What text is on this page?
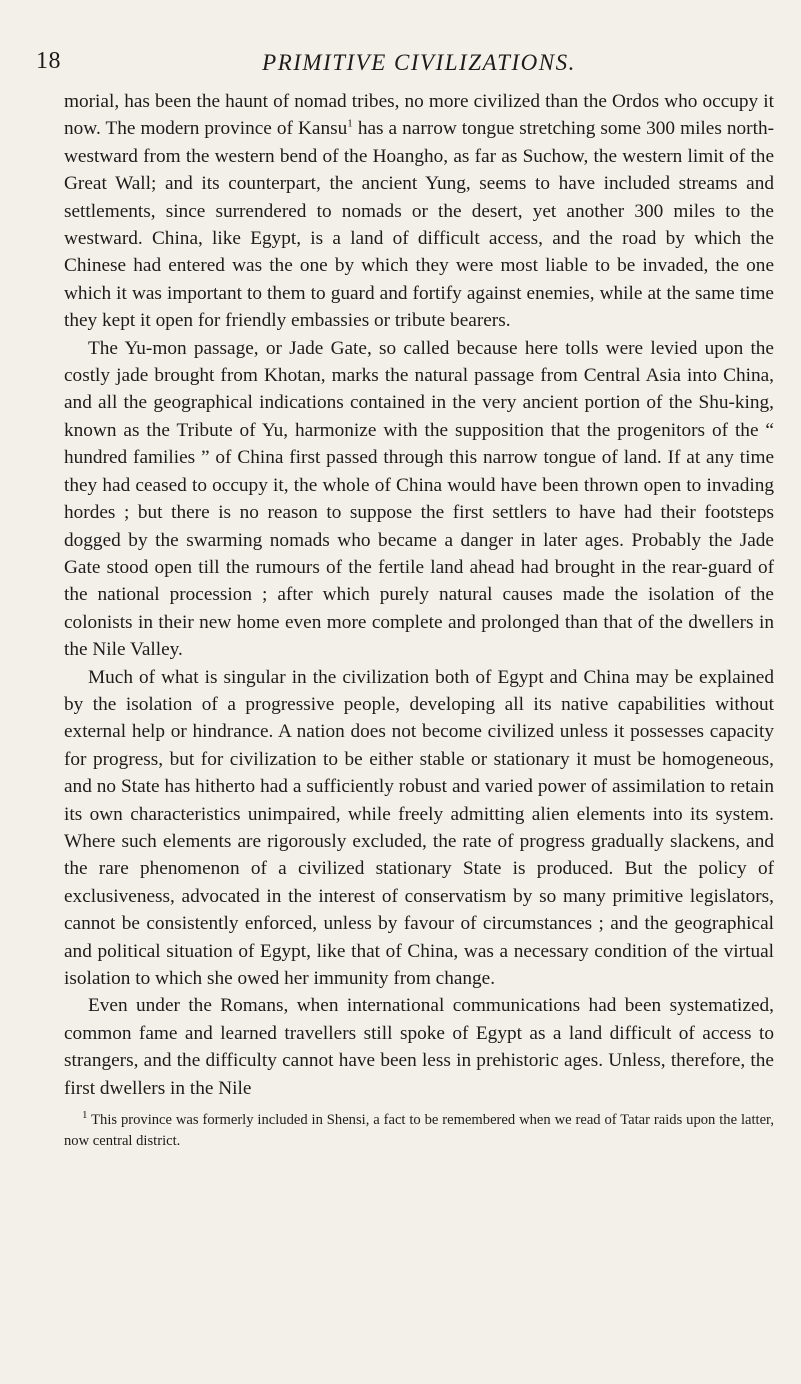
18	PRIMITIVE CIVILIZATIONS.

morial, has been the haunt of nomad tribes, no more civilized than the Ordos who occupy it now. The modern province of Kansu$^1$ has a narrow tongue stretching some 300 miles north-westward from the western bend of the Hoangho, as far as Suchow, the western limit of the Great Wall; and its counterpart, the ancient Yung, seems to have included streams and settlements, since surrendered to nomads or the desert, yet another 300 miles to the westward. China, like Egypt, is a land of difficult access, and the road by which the Chinese had entered was the one by which they were most liable to be invaded, the one which it was important to them to guard and fortify against enemies, while at the same time they kept it open for friendly embassies or tribute bearers.

The Yu-mon passage, or Jade Gate, so called because here tolls were levied upon the costly jade brought from Khotan, marks the natural passage from Central Asia into China, and all the geographical indications contained in the very ancient portion of the Shu-king, known as the Tribute of Yu, harmonize with the supposition that the progenitors of the “ hundred families ” of China first passed through this narrow tongue of land. If at any time they had ceased to occupy it, the whole of China would have been thrown open to invading hordes ; but there is no reason to suppose the first settlers to have had their footsteps dogged by the swarming nomads who became a danger in later ages. Probably the Jade Gate stood open till the rumours of the fertile land ahead had brought in the rear-guard of the national procession ; after which purely natural causes made the isolation of the colonists in their new home even more complete and prolonged than that of the dwellers in the Nile Valley.

Much of what is singular in the civilization both of Egypt and China may be explained by the isolation of a progressive people, developing all its native capabilities without external help or hindrance. A nation does not become civilized unless it possesses capacity for progress, but for civilization to be either stable or stationary it must be homogeneous, and no State has hitherto had a sufficiently robust and varied power of assimilation to retain its own characteristics unimpaired, while freely admitting alien elements into its system. Where such elements are rigorously excluded, the rate of progress gradually slackens, and the rare phenomenon of a civilized stationary State is produced. But the policy of exclusiveness, advocated in the interest of conservatism by so many primitive legislators, cannot be consistently enforced, unless by favour of circumstances ; and the geographical and political situation of Egypt, like that of China, was a necessary condition of the virtual isolation to which she owed her immunity from change.

Even under the Romans, when international communications had been systematized, common fame and learned travellers still spoke of Egypt as a land difficult of access to strangers, and the difficulty cannot have been less in prehistoric ages. Unless, therefore, the first dwellers in the Nile

$^1$ This province was formerly included in Shensi, a fact to be remembered when we read of Tatar raids upon the latter, now central district.
